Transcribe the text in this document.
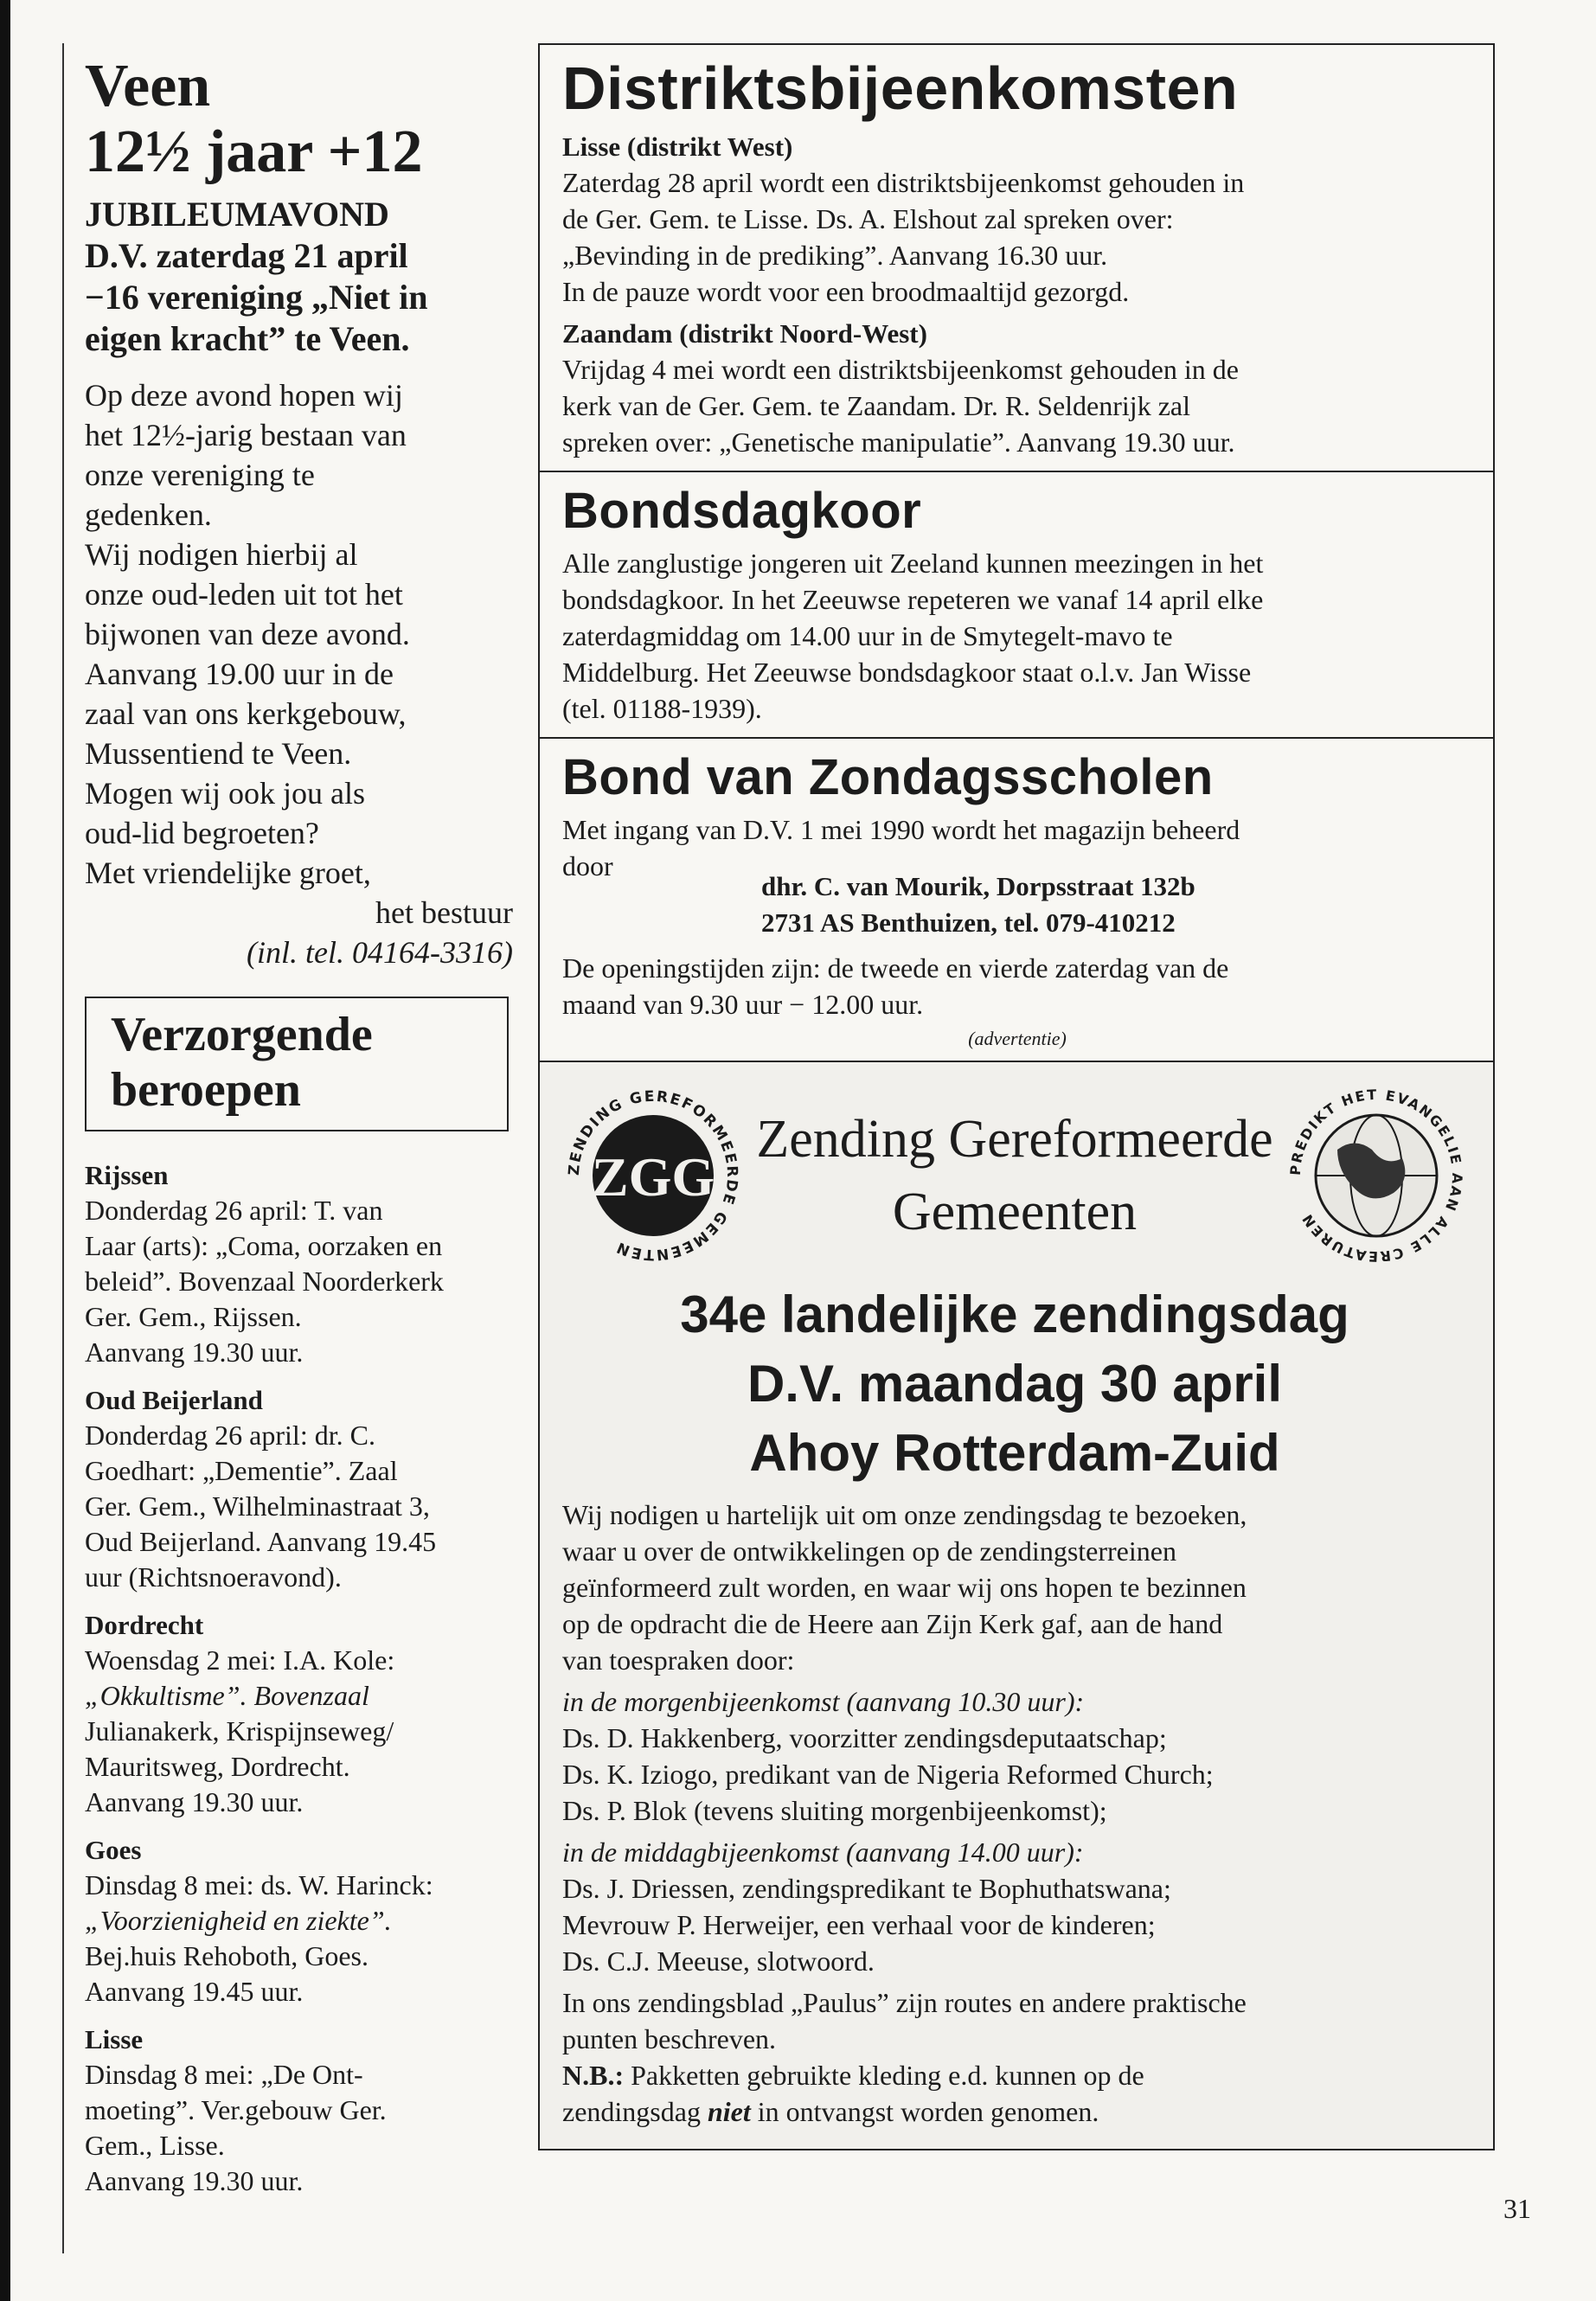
Veen
12½ jaar +12
JUBILEUMAVOND
D.V. zaterdag 21 april
−16 vereniging „Niet in
eigen kracht” te Veen.

Op deze avond hopen wij

het 12½-jarig bestaan van

onze vereniging te

gedenken.

Wij nodigen hierbij al

onze oud-leden uit tot het

bijwonen van deze avond.

Aanvang 19.00 uur in de

zaal van ons kerkgebouw,

Mussentiend te Veen.

Mogen wij ook jou als

oud-lid begroeten?

Met vriendelijke groet,

het bestuur

(inl. tel. 04164-3316)

Verzorgende
beroepen

Rijssen

Donderdag 26 april: T. van

Laar (arts): „Coma, oorzaken en

beleid”. Bovenzaal Noorderkerk

Ger. Gem., Rijssen.

Aanvang 19.30 uur.

Oud Beijerland

Donderdag 26 april: dr. C.

Goedhart: „Dementie”. Zaal

Ger. Gem., Wilhelminastraat 3,

Oud Beijerland. Aanvang 19.45

uur (Richtsnoeravond).

Dordrecht

Woensdag 2 mei: I.A. Kole:

„Okkultisme”. Bovenzaal

Julianakerk, Krispijnseweg/

Mauritsweg, Dordrecht.

Aanvang 19.30 uur.

Goes

Dinsdag 8 mei: ds. W. Harinck:

„Voorzienigheid en ziekte”.

Bej.huis Rehoboth, Goes.

Aanvang 19.45 uur.

Lisse

Dinsdag 8 mei: „De Ont-

moeting”. Ver.gebouw Ger.

Gem., Lisse.

Aanvang 19.30 uur.

Distriktsbijeenkomsten

Lisse (distrikt West)

Zaterdag 28 april wordt een distriktsbijeenkomst gehouden in

de Ger. Gem. te Lisse. Ds. A. Elshout zal spreken over:

„Bevinding in de prediking”. Aanvang 16.30 uur.

In de pauze wordt voor een broodmaaltijd gezorgd.

Zaandam (distrikt Noord-West)

Vrijdag 4 mei wordt een distriktsbijeenkomst gehouden in de

kerk van de Ger. Gem. te Zaandam. Dr. R. Seldenrijk zal

spreken over: „Genetische manipulatie”. Aanvang 19.30 uur.

Bondsdagkoor

Alle zanglustige jongeren uit Zeeland kunnen meezingen in het

bondsdagkoor. In het Zeeuwse repeteren we vanaf 14 april elke

zaterdagmiddag om 14.00 uur in de Smytegelt-mavo te

Middelburg. Het Zeeuwse bondsdagkoor staat o.l.v. Jan Wisse

(tel. 01188-1939).

Bond van Zondagsscholen

Met ingang van D.V. 1 mei 1990 wordt het magazijn beheerd

door

dhr. C. van Mourik, Dorpsstraat 132b
2731 AS Benthuizen, tel. 079-410212

De openingstijden zijn: de tweede en vierde zaterdag van de

maand van 9.30 uur − 12.00 uur.

(advertentie)

ZENDING GEREFORMEERDE GEMEENTEN
ZGG
Zending Gereformeerde
Gemeenten
PREDIKT HET EVANGELIE AAN ALLE CREATUREN
34e landelijke zendingsdag
D.V. maandag 30 april
Ahoy Rotterdam-Zuid

Wij nodigen u hartelijk uit om onze zendingsdag te bezoeken,

waar u over de ontwikkelingen op de zendingsterreinen

geïnformeerd zult worden, en waar wij ons hopen te bezinnen

op de opdracht die de Heere aan Zijn Kerk gaf, aan de hand

van toespraken door:

in de morgenbijeenkomst (aanvang 10.30 uur):

Ds. D. Hakkenberg, voorzitter zendingsdeputaatschap;

Ds. K. Iziogo, predikant van de Nigeria Reformed Church;

Ds. P. Blok (tevens sluiting morgenbijeenkomst);

in de middagbijeenkomst (aanvang 14.00 uur):

Ds. J. Driessen, zendingspredikant te Bophuthatswana;

Mevrouw P. Herweijer, een verhaal voor de kinderen;

Ds. C.J. Meeuse, slotwoord.

In ons zendingsblad „Paulus” zijn routes en andere praktische

punten beschreven.

N.B.: Pakketten gebruikte kleding e.d. kunnen op de

zendingsdag niet in ontvangst worden genomen.

31
